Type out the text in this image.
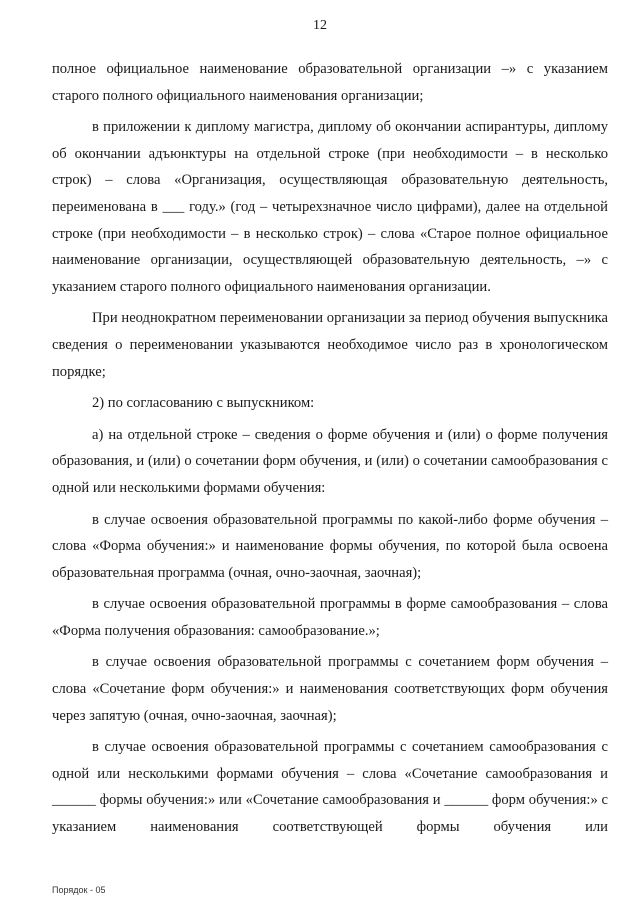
12

полное официальное наименование образовательной организации –» с указанием старого полного официального наименования организации;

в приложении к диплому магистра, диплому об окончании аспирантуры, диплому об окончании адъюнктуры на отдельной строке (при необходимости – в несколько строк) – слова «Организация, осуществляющая образовательную деятельность, переименована в ___ году.» (год – четырехзначное число цифрами), далее на отдельной строке (при необходимости – в несколько строк) – слова «Старое полное официальное наименование организации, осуществляющей образовательную деятельность, –» с указанием старого полного официального наименования организации.

При неоднократном переименовании организации за период обучения выпускника сведения о переименовании указываются необходимое число раз в хронологическом порядке;

2) по согласованию с выпускником:

а) на отдельной строке – сведения о форме обучения и (или) о форме получения образования, и (или) о сочетании форм обучения, и (или) о сочетании самообразования с одной или несколькими формами обучения:

в случае освоения образовательной программы по какой-либо форме обучения – слова «Форма обучения:» и наименование формы обучения, по которой была освоена образовательная программа (очная, очно-заочная, заочная);

в случае освоения образовательной программы в форме самообразования – слова «Форма получения образования: самообразование.»;

в случае освоения образовательной программы с сочетанием форм обучения – слова «Сочетание форм обучения:» и наименования соответствующих форм обучения через запятую (очная, очно-заочная, заочная);

в случае освоения образовательной программы с сочетанием самообразования с одной или несколькими формами обучения – слова «Сочетание самообразования и ______ формы обучения:» или «Сочетание самообразования и ______ форм обучения:» с указанием наименования соответствующей формы обучения или

Порядок - 05
